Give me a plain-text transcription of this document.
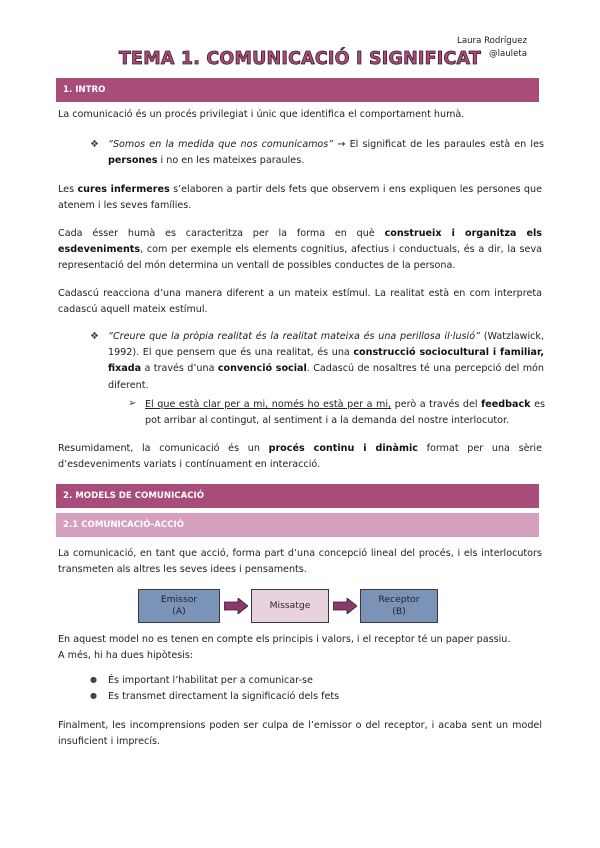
Laura Rodríguez
@lauleta
TEMA 1. COMUNICACIÓ I SIGNIFICAT
1. INTRO
La comunicació és un procés privilegiat i únic que identifica el comportament humà.
❖ “Somos en la medida que nos comunicamos” → El significat de les paraules està en les persones i no en les mateixes paraules.
Les cures infermeres s’elaboren a partir dels fets que observem i ens expliquen les persones que atenem i les seves famílies.
Cada ésser humà es caracteritza per la forma en què construeix i organitza els esdeveniments, com per exemple els elements cognitius, afectius i conductuals, és a dir, la seva representació del món determina un ventall de possibles conductes de la persona.
Cadascú reacciona d’una manera diferent a un mateix estímul. La realitat està en com interpreta cadascú aquell mateix estímul.
❖ “Creure que la pròpia realitat és la realitat mateixa és una perillosa il·lusió” (Watzlawick, 1992). El que pensem que és una realitat, és una construcció sociocultural i familiar, fixada a través d’una convenció social. Cadascú de nosaltres té una percepció del món diferent.
➢ El que està clar per a mi, només ho està per a mi, però a través del feedback es pot arribar al contingut, al sentiment i a la demanda del nostre interlocutor.
Resumidament, la comunicació és un procés continu i dinàmic format per una sèrie d’esdeveniments variats i contínuament en interacció.
2. MODELS DE COMUNICACIÓ
2.1 COMUNICACIÓ-ACCIÓ
La comunicació, en tant que acció, forma part d’una concepció lineal del procés, i els interlocutors transmeten als altres les seves idees i pensaments.
Emissor
(A)
Missatge
Receptor
(B)
En aquest model no es tenen en compte els principis i valors, i el receptor té un paper passiu.
A més, hi ha dues hipòtesis:
● És important l’habilitat per a comunicar-se
● Es transmet directament la significació dels fets
Finalment, les incomprensions poden ser culpa de l’emissor o del receptor, i acaba sent un model insuficient i imprecís.
